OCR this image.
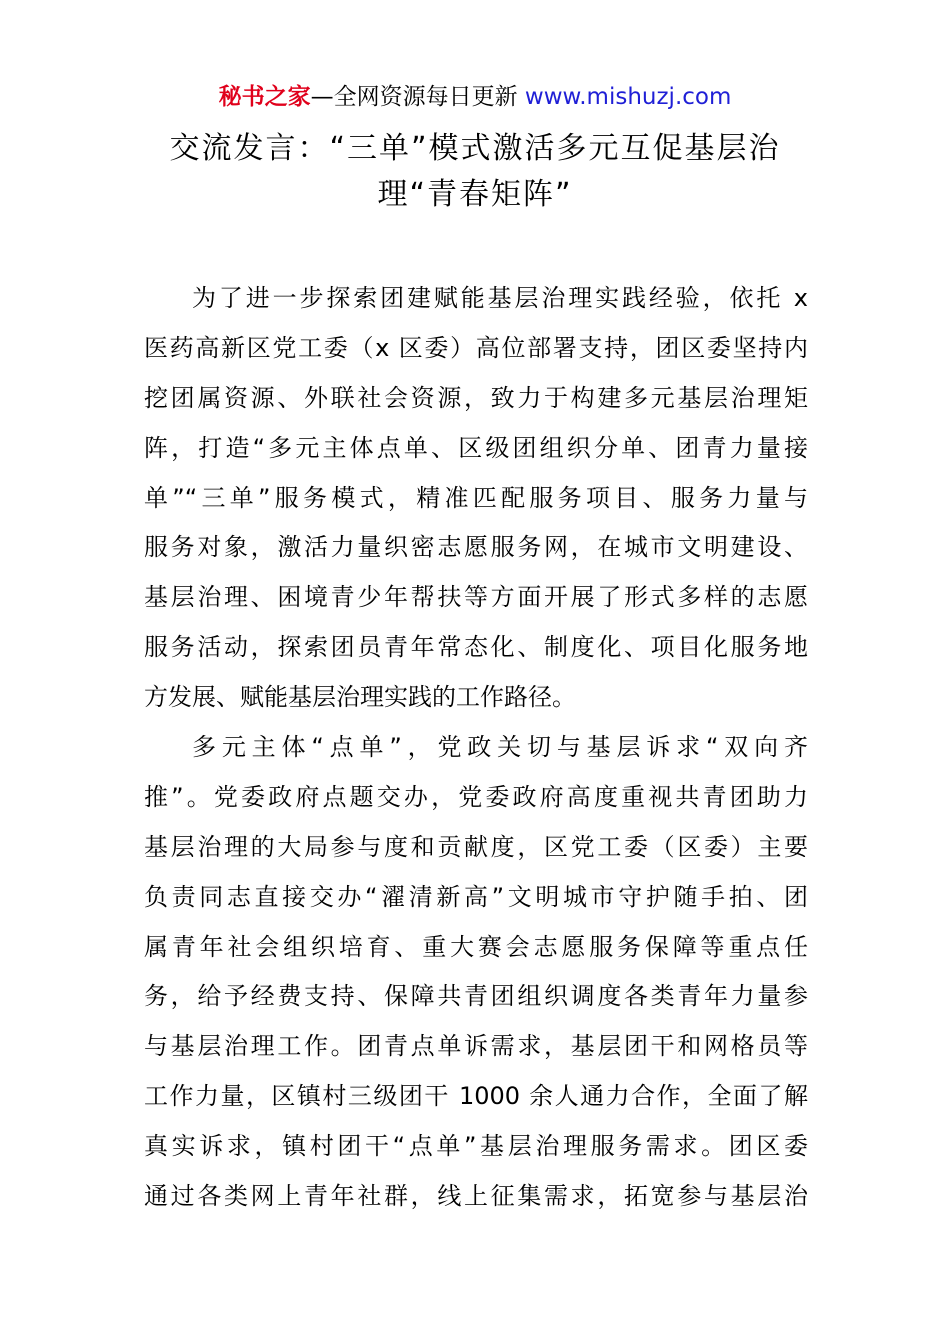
秘书之家—全网资源每日更新 www.mishuzj.com
交流发言：“三单”模式激活多元互促基层治
理“青春矩阵”
为了进一步探索团建赋能基层治理实践经验，依托 x
医药高新区党工委（x 区委）高位部署支持，团区委坚持内
挖团属资源、外联社会资源，致力于构建多元基层治理矩
阵，打造“多元主体点单、区级团组织分单、团青力量接
单”“三单”服务模式，精准匹配服务项目、服务力量与
服务对象，激活力量织密志愿服务网，在城市文明建设、
基层治理、困境青少年帮扶等方面开展了形式多样的志愿
服务活动，探索团员青年常态化、制度化、项目化服务地
方发展、赋能基层治理实践的工作路径。
多元主体“点单”，党政关切与基层诉求“双向齐
推”。党委政府点题交办，党委政府高度重视共青团助力
基层治理的大局参与度和贡献度，区党工委（区委）主要
负责同志直接交办“濯清新高”文明城市守护随手拍、团
属青年社会组织培育、重大赛会志愿服务保障等重点任
务，给予经费支持、保障共青团组织调度各类青年力量参
与基层治理工作。团青点单诉需求，基层团干和网格员等
工作力量，区镇村三级团干 1000 余人通力合作，全面了解
真实诉求，镇村团干“点单”基层治理服务需求。团区委
通过各类网上青年社群，线上征集需求，拓宽参与基层治
